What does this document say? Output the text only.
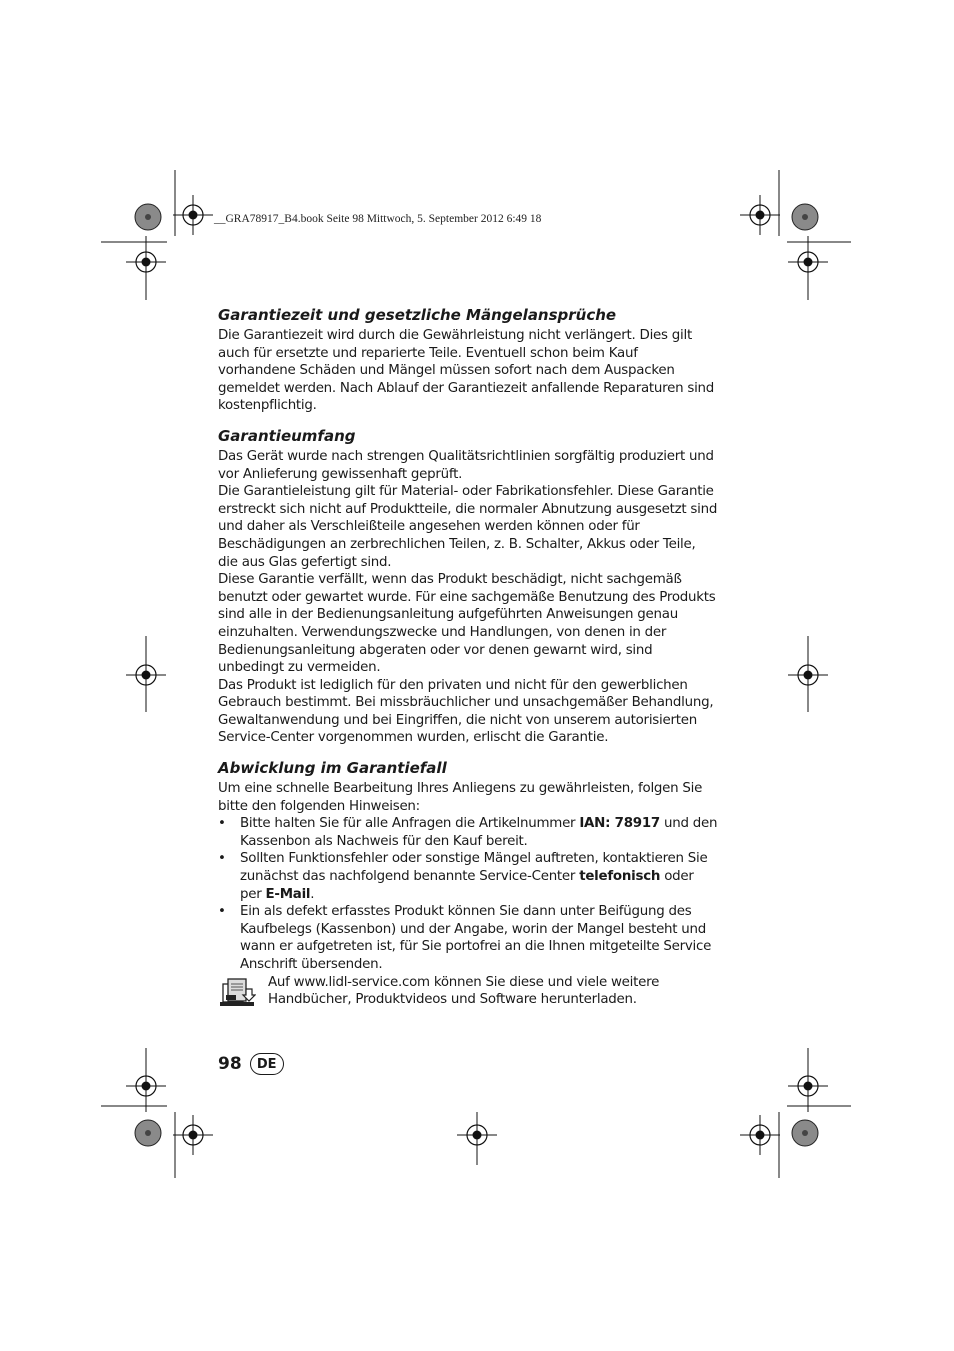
__GRA78917_B4.book Seite 98 Mittwoch, 5. September 2012 6:49 18
Garantiezeit und gesetzliche Mängelansprüche

Die Garantiezeit wird durch die Gewährleistung nicht verlängert. Dies gilt auch für ersetzte und reparierte Teile. Eventuell schon beim Kauf vorhandene Schäden und Mängel müssen sofort nach dem Auspacken gemeldet werden. Nach Ablauf der Garantiezeit anfallende Reparaturen sind kostenpflichtig.

Garantieumfang

Das Gerät wurde nach strengen Qualitätsrichtlinien sorgfältig produziert und vor Anlieferung gewissenhaft geprüft.

Die Garantieleistung gilt für Material- oder Fabrikationsfehler. Diese Garantie erstreckt sich nicht auf Produktteile, die normaler Abnutzung ausgesetzt sind und daher als Verschleißteile angesehen werden können oder für Beschädigungen an zerbrechlichen Teilen, z. B. Schalter, Akkus oder Teile, die aus Glas gefertigt sind.

Diese Garantie verfällt, wenn das Produkt beschädigt, nicht sachgemäß benutzt oder gewartet wurde. Für eine sachgemäße Benutzung des Produkts sind alle in der Bedienungsanleitung aufgeführten Anweisungen genau einzuhalten. Verwendungszwecke und Handlungen, von denen in der Bedienungsanleitung abgeraten oder vor denen gewarnt wird, sind unbedingt zu vermeiden.

Das Produkt ist lediglich für den privaten und nicht für den gewerblichen Gebrauch bestimmt. Bei missbräuchlicher und unsachgemäßer Behandlung, Gewaltanwendung und bei Eingriffen, die nicht von unserem autorisierten Service-Center vorgenommen wurden, erlischt die Garantie.

Abwicklung im Garantiefall

Um eine schnelle Bearbeitung Ihres Anliegens zu gewährleisten, folgen Sie bitte den folgenden Hinweisen:

• Bitte halten Sie für alle Anfragen die Artikelnummer IAN: 78917 und den Kassenbon als Nachweis für den Kauf bereit.
• Sollten Funktionsfehler oder sonstige Mängel auftreten, kontaktieren Sie zunächst das nachfolgend benannte Service-Center telefonisch oder per E-Mail.
• Ein als defekt erfasstes Produkt können Sie dann unter Beifügung des Kaufbelegs (Kassenbon) und der Angabe, worin der Mangel besteht und wann er aufgetreten ist, für Sie portofrei an die Ihnen mitgeteilte Service Anschrift übersenden.

Auf www.lidl-service.com können Sie diese und viele weitere Handbücher, Produktvideos und Software herunterladen.

98	DE
